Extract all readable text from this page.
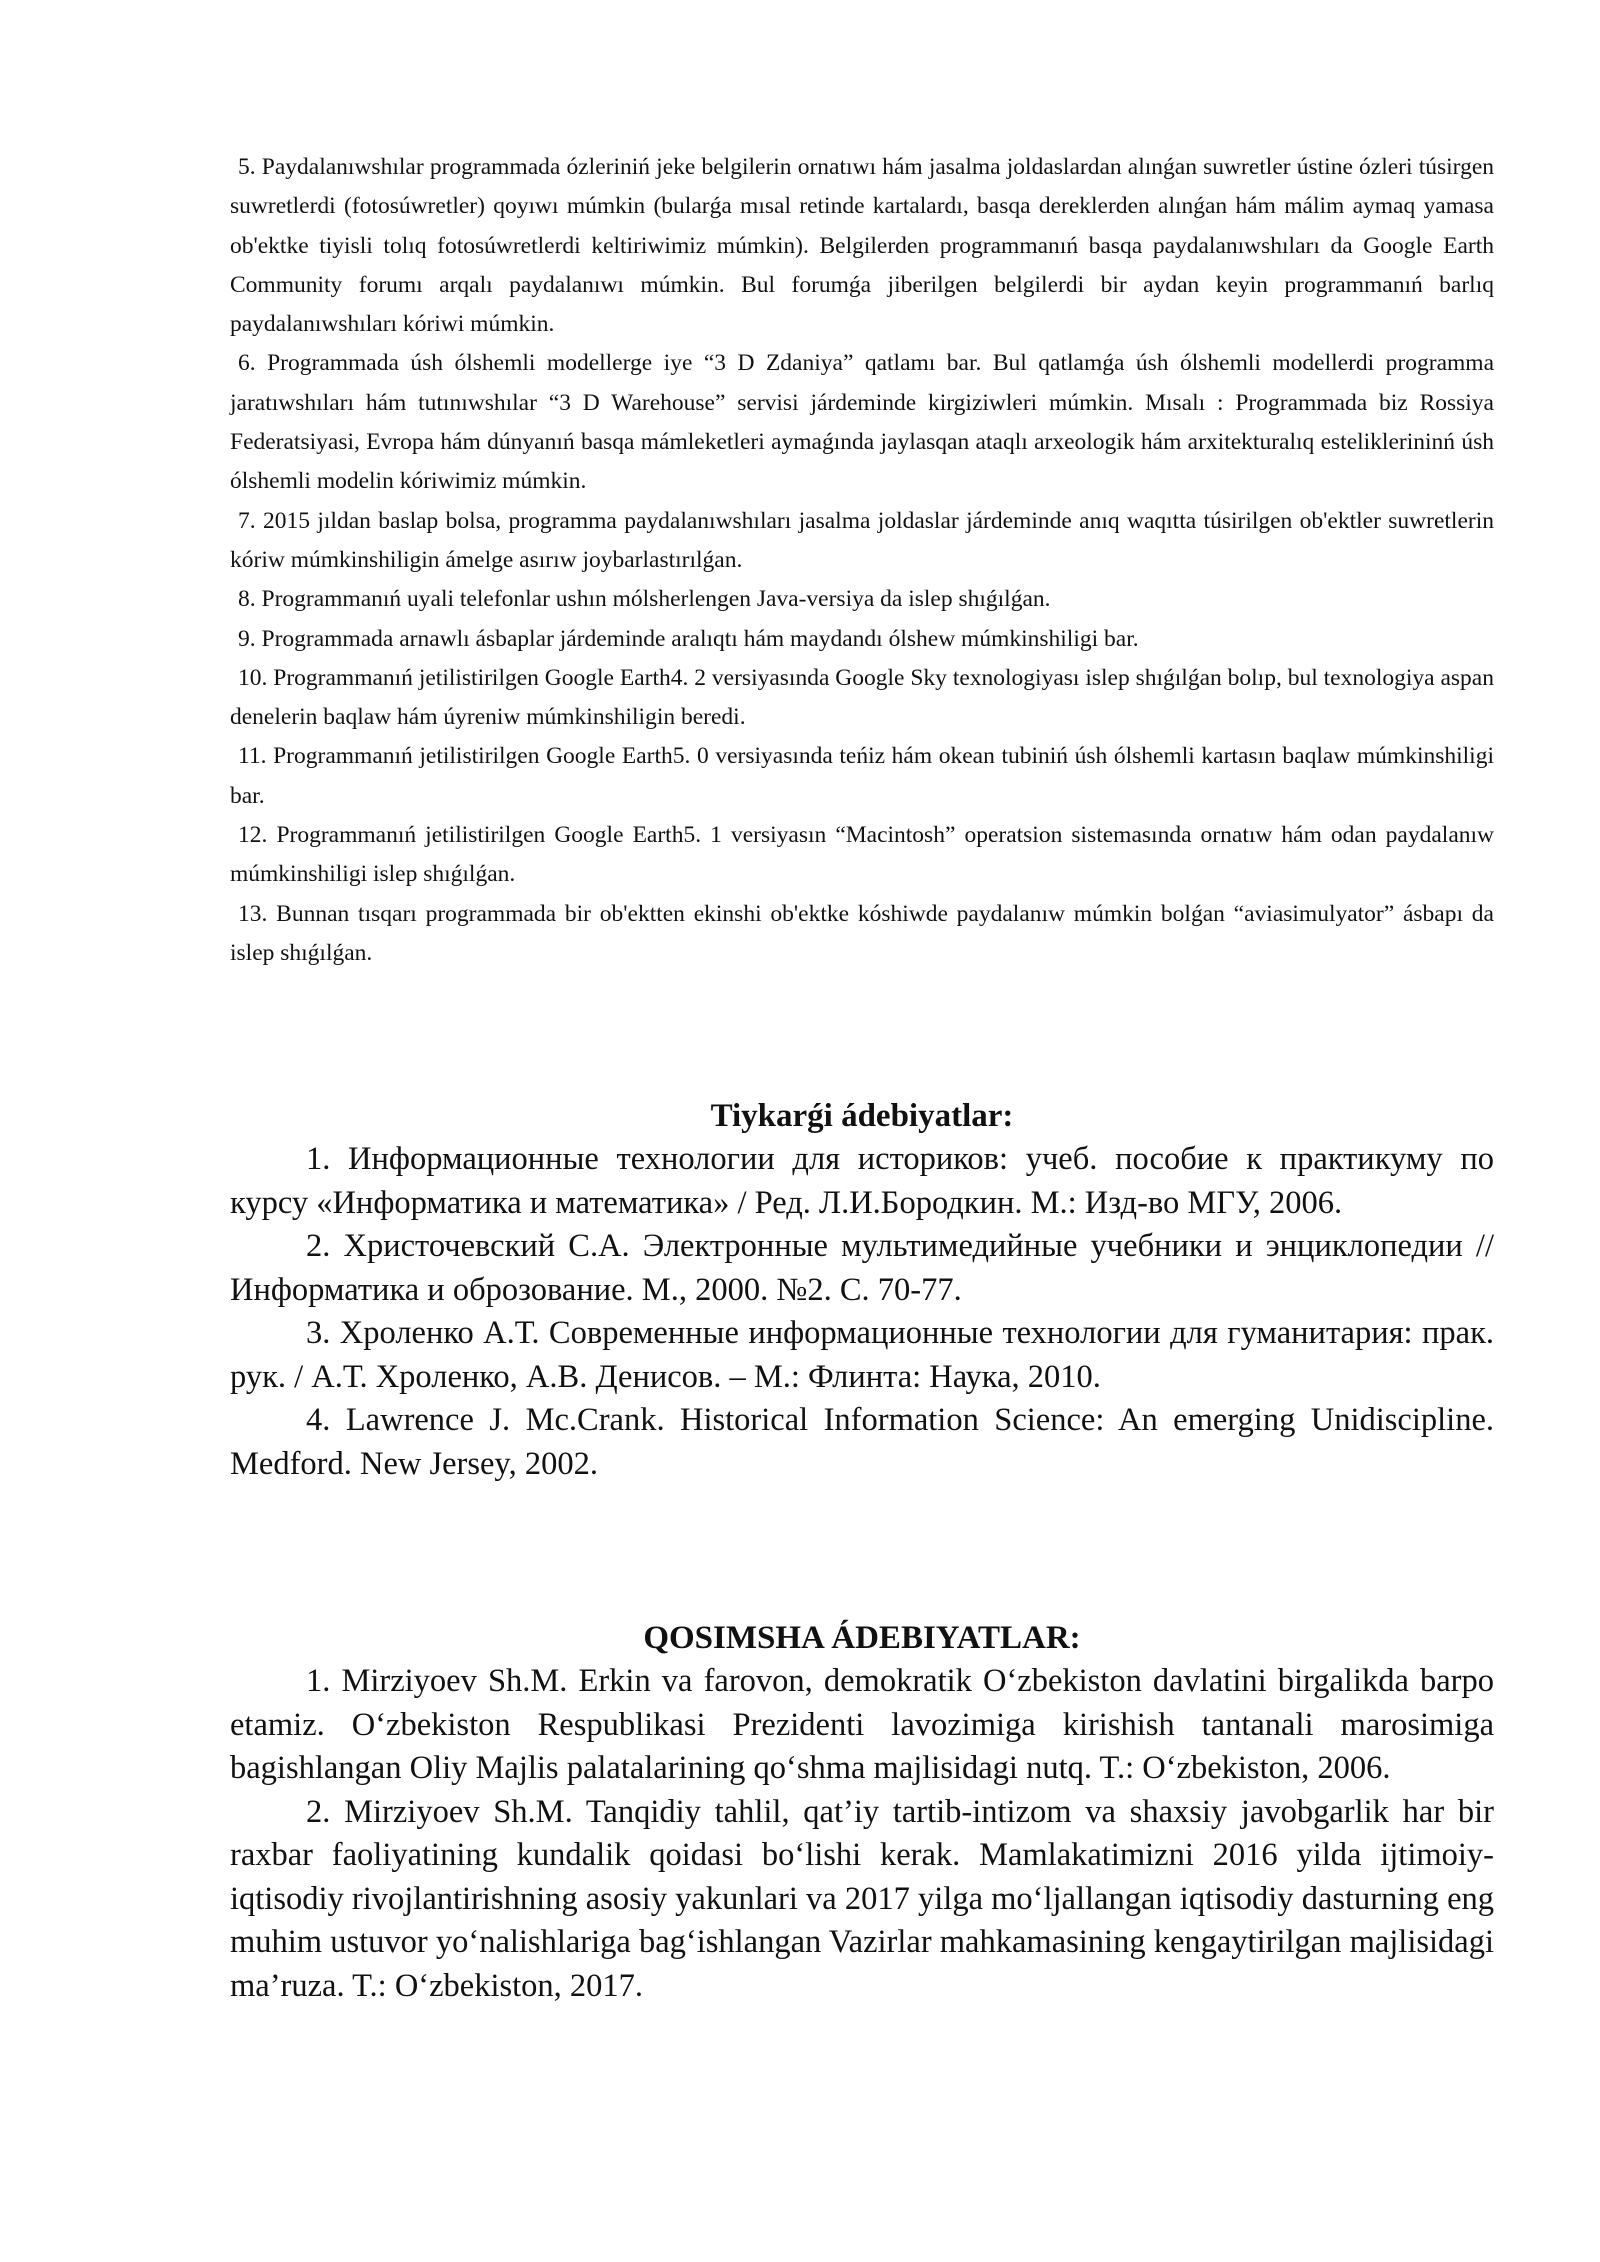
5. Paydalanıwshılar programmada ózleriniń jeke belgilerin ornatıwı hám jasalma joldaslardan alınǵan suwretler ústine ózleri túsirgen suwretlerdi (fotosúwretler) qoyıwı múmkin (bularǵa mısal retinde kartalardı, basqa dereklerden alınǵan hám málim aymaq yamasa ob'ektke tiyisli tolıq fotosúwretlerdi keltiriwimiz múmkin). Belgilerden programmanıń basqa paydalanıwshıları da Google Earth Community forumı arqalı paydalanıwı múmkin. Bul forumǵa jiberilgen belgilerdi bir aydan keyin programmanıń barlıq paydalanıwshıları kóriwi múmkin.

6. Programmada úsh ólshemli modellerge iye “3 D Zdaniya” qatlamı bar. Bul qatlamǵa úsh ólshemli modellerdi programma jaratıwshıları hám tutınıwshılar “3 D Warehouse” servisi járdeminde kirgiziwleri múmkin. Mısalı : Programmada biz Rossiya Federatsiyasi, Evropa hám dúnyanıń basqa mámleketleri aymaǵında jaylasqan ataqlı arxeologik hám arxitekturalıq esteliklerininń úsh ólshemli modelin kóriwimiz múmkin.

7. 2015 jıldan baslap bolsa, programma paydalanıwshıları jasalma joldaslar járdeminde anıq waqıtta túsirilgen ob'ektler suwretlerin kóriw múmkinshiligin ámelge asırıw joybarlastırılǵan.

8. Programmanıń uyali telefonlar ushın mólsherlengen Java-versiya da islep shıǵılǵan.

9. Programmada arnawlı ásbaplar járdeminde aralıqtı hám maydandı ólshew múmkinshiligi bar.

10. Programmanıń jetilistirilgen Google Earth4. 2 versiyasında Google Sky texnologiyası islep shıǵılǵan bolıp, bul texnologiya aspan denelerin baqlaw hám úyreniw múmkinshiligin beredi.

11. Programmanıń jetilistirilgen Google Earth5. 0 versiyasında teńiz hám okean tubiniń úsh ólshemli kartasın baqlaw múmkinshiligi bar.

12. Programmanıń jetilistirilgen Google Earth5. 1 versiyasın “Macintosh” operatsion sistemasında ornatıw hám odan paydalanıw múmkinshiligi islep shıǵılǵan.

13. Bunnan tısqarı programmada bir ob'ektten ekinshi ob'ektke kóshiwde paydalanıw múmkin bolǵan “aviasimulyator” ásbapı da islep shıǵılǵan.

Tiykarǵi ádebiyatlar:

1. Информационные технологии для историков: учеб. пособие к практикуму по курсу «Информатика и математика» / Ред. Л.И.Бородкин. М.: Изд-во МГУ, 2006.

2. Христочевский С.А. Электронные мультимедийные учебники и энциклопедии // Информатика и оброзование. М., 2000. №2. С. 70-77.

3. Хроленко А.Т. Современные информационные технологии для гуманитария: прак. рук. / А.Т. Хроленко, А.В. Денисов. – М.: Флинта: Наука, 2010.

4. Lawrence J. Mc.Crank. Historical Information Science: An emerging Unidiscipline. Medford. New Jersey, 2002.

QOSIMSHA ÁDEBIYATLAR:

1. Mirziyoev Sh.M. Erkin va farovon, demokratik O‘zbekiston davlatini birgalikda barpo etamiz. O‘zbekiston Respublikasi Prezidenti lavozimiga kirishish tantanali marosimiga bagishlangan Oliy Majlis palatalarining qo‘shma majlisidagi nutq. T.: O‘zbekiston, 2006.

2. Mirziyoev Sh.M. Tanqidiy tahlil, qat’iy tartib-intizom va shaxsiy javobgarlik har bir raxbar faoliyatining kundalik qoidasi bo‘lishi kerak. Mamlakatimizni 2016 yilda ijtimoiy-iqtisodiy rivojlantirishning asosiy yakunlari va 2017 yilga mo‘ljallangan iqtisodiy dasturning eng muhim ustuvor yo‘nalishlariga bag‘ishlangan Vazirlar mahkamasining kengaytirilgan majlisidagi ma’ruza. T.: O‘zbekiston, 2017.
